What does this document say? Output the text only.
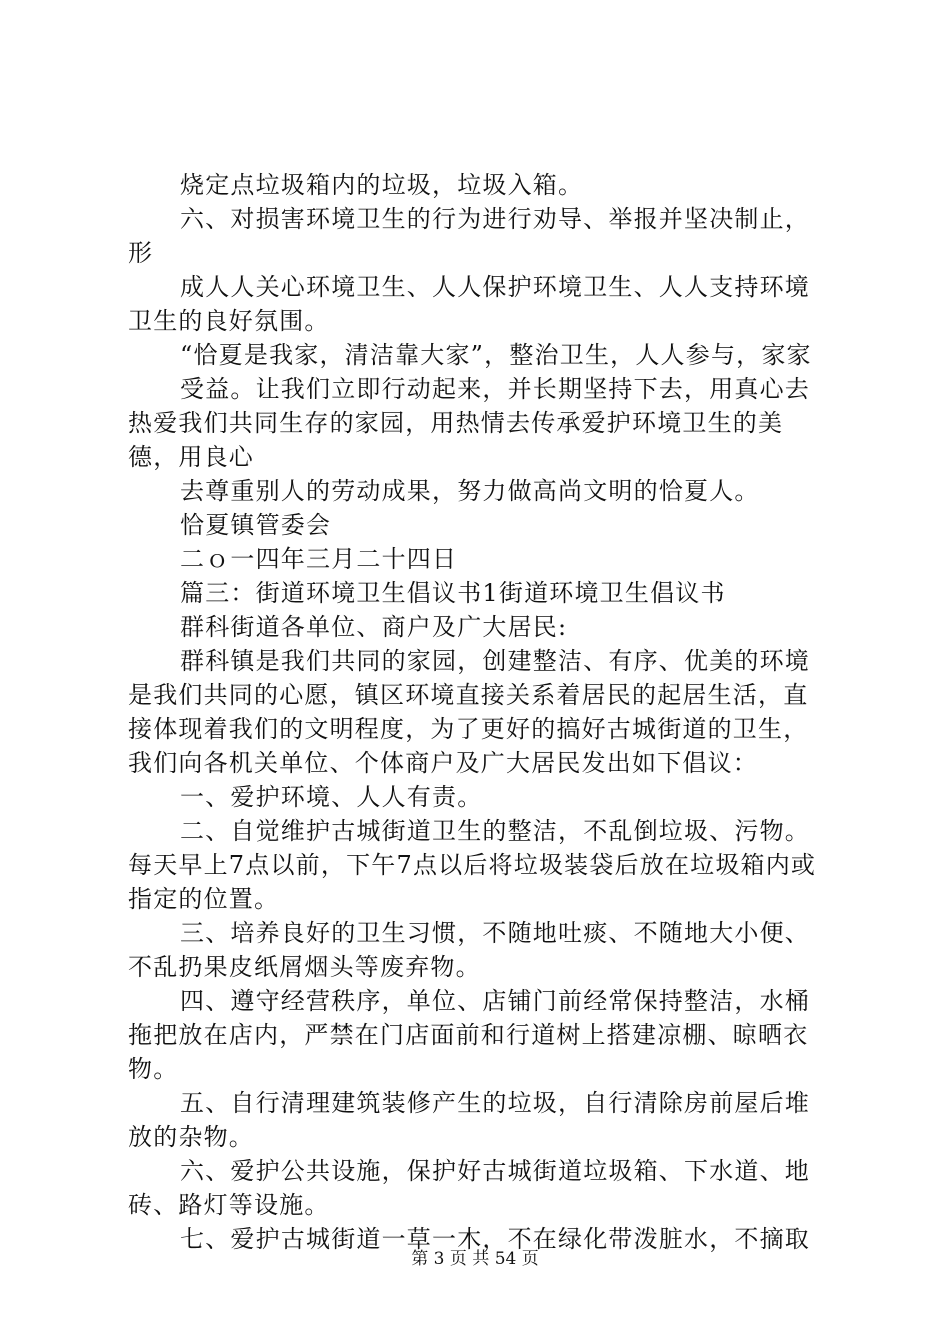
烧定点垃圾箱内的垃圾，垃圾入箱。

六、对损害环境卫生的行为进行劝导、举报并坚决制止，形

成人人关心环境卫生、人人保护环境卫生、人人支持环境卫生的良好氛围。

“恰夏是我家，清洁靠大家”，整治卫生，人人参与，家家

受益。让我们立即行动起来，并长期坚持下去，用真心去热爱我们共同生存的家园，用热情去传承爱护环境卫生的美德，用良心

去尊重别人的劳动成果，努力做高尚文明的恰夏人。

恰夏镇管委会

二ｏ一四年三月二十四日

篇三：街道环境卫生倡议书1街道环境卫生倡议书

群科街道各单位、商户及广大居民:

群科镇是我们共同的家园，创建整洁、有序、优美的环境是我们共同的心愿，镇区环境直接关系着居民的起居生活，直接体现着我们的文明程度，为了更好的搞好古城街道的卫生，我们向各机关单位、个体商户及广大居民发出如下倡议：

一、爱护环境、人人有责。

二、自觉维护古城街道卫生的整洁，不乱倒垃圾、污物。每天早上7点以前，下午7点以后将垃圾装袋后放在垃圾箱内或指定的位置。

三、培养良好的卫生习惯，不随地吐痰、不随地大小便、不乱扔果皮纸屑烟头等废弃物。

四、遵守经营秩序，单位、店铺门前经常保持整洁，水桶拖把放在店内，严禁在门店面前和行道树上搭建凉棚、晾晒衣物。

五、自行清理建筑装修产生的垃圾，自行清除房前屋后堆放的杂物。

六、爱护公共设施，保护好古城街道垃圾箱、下水道、地砖、路灯等设施。

七、爱护古城街道一草一木，不在绿化带泼脏水，不摘取

第 3 页 共 54 页
